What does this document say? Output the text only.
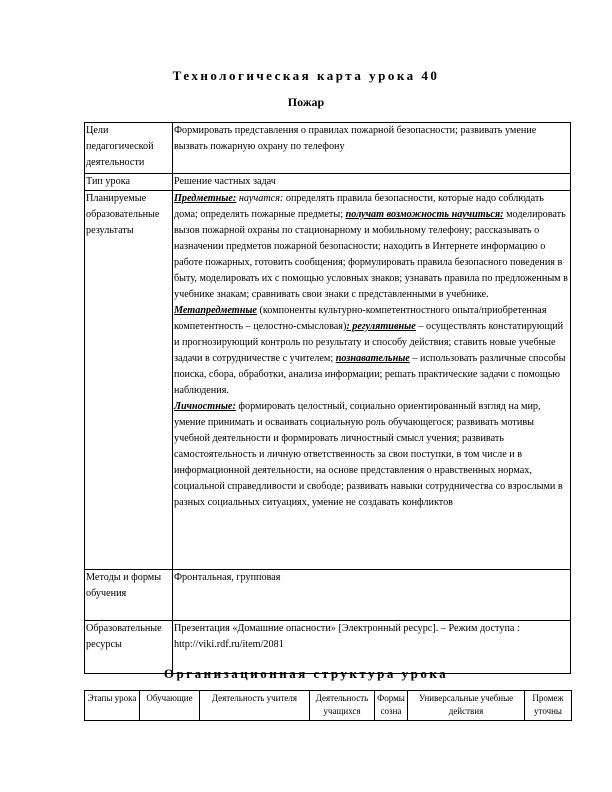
Технологическая карта урока 40
Пожар
Цели педагогической деятельности	Формировать представления о правилах пожарной безопасности; развивать умение вызвать пожарную охрану по телефону
Тип урока	Решение частных задач
Планируемые образовательные результаты	Предметные: научатся: определять правила безопасности, которые надо соблюдать дома; определять пожарные предметы; получат возможность научиться: моделировать вызов пожарной охраны по стационарному и мобильному телефону; рассказывать о назначении предметов пожарной безопасности; находить в Интернете информацию о работе пожарных, готовить сообщения; формулировать правила безопасного поведения в быту, моделировать их с помощью условных знаков; узнавать правила по предложенным в учебнике знакам; сравнивать свои знаки с представленными в учебнике.
Метапредметные (компоненты культурно-компетентностного опыта/приобретенная компетентность – целостно-смысловая): регулятивные – осуществлять констатирующий и прогнозирующий контроль по результату и способу действия; ставить новые учебные задачи в сотрудничестве с учителем; познавательные – использовать различные способы поиска, сбора, обработки, анализа информации; решать практические задачи с помощью наблюдения.
Личностные: формировать целостный, социально ориентированный взгляд на мир, умение принимать и осваивать социальную роль обучающегося; развивать мотивы учебной деятельности и формировать личностный смысл учения; развивать самостоятельность и личную ответственность за свои поступки, в том числе и в информационной деятельности, на основе представления о нравственных нормах, социальной справедливости и свободе; развивать навыки сотрудничества со взрослыми в разных социальных ситуациях, умение не создавать конфликтов
Методы и формы обучения	Фронтальная, групповая
Образовательные ресурсы	Презентация «Домашние опасности» [Электронный ресурс]. – Режим доступа : http://viki.rdf.ru/item/2081
Организационная структура урока
Этапы урока	Обучающие	Деятельность учителя	Деятельность учащихся	Формы созна	Универсальные учебные действия	Промеж уточны
